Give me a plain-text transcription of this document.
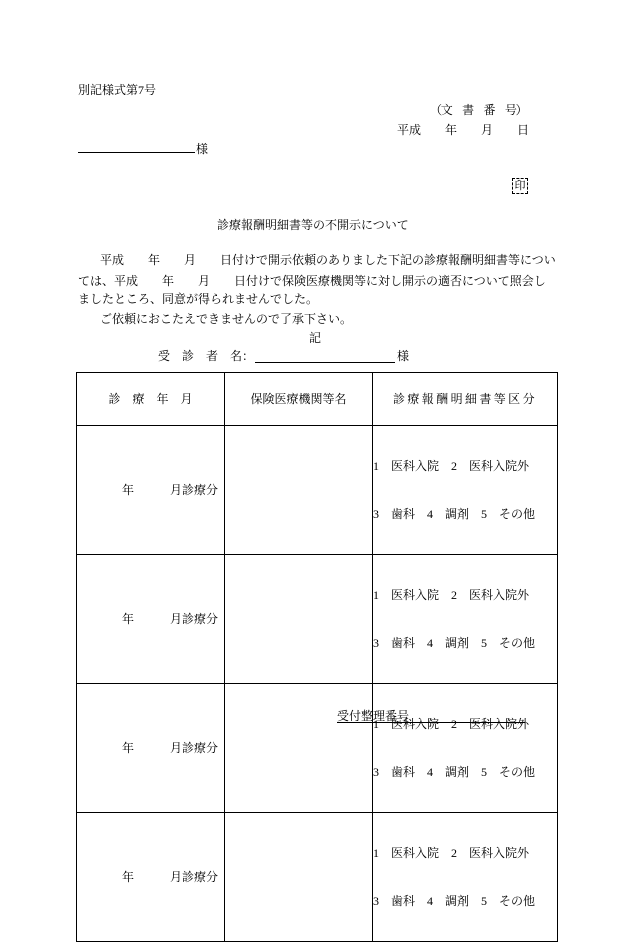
別記様式第7号
（文　書　番　号）
平成　　年　　月　　日
様
印
診療報酬明細書等の不開示について
平成　　年　　月　　日付けで開示依頼のありました下記の診療報酬明細書等につい
ては、平成　　年　　月　　日付けで保険医療機関等に対し開示の適否について照会し
ましたところ、同意が得られませんでした。
ご依頼におこたえできませんので了承下さい。
記
受　診　者　名：	様
診　療　年　月	保険医療機関等名	診療報酬明細書等区分
年 月診療分		1　医科入院　2　医科入院外

3　歯科　4　調剤　5　その他

年 月診療分		1　医科入院　2　医科入院外

3　歯科　4　調剤　5　その他

年 月診療分		1　医科入院　2　医科入院外

3　歯科　4　調剤　5　その他

年 月診療分		1　医科入院　2　医科入院外

3　歯科　4　調剤　5　その他

受付整理番号
